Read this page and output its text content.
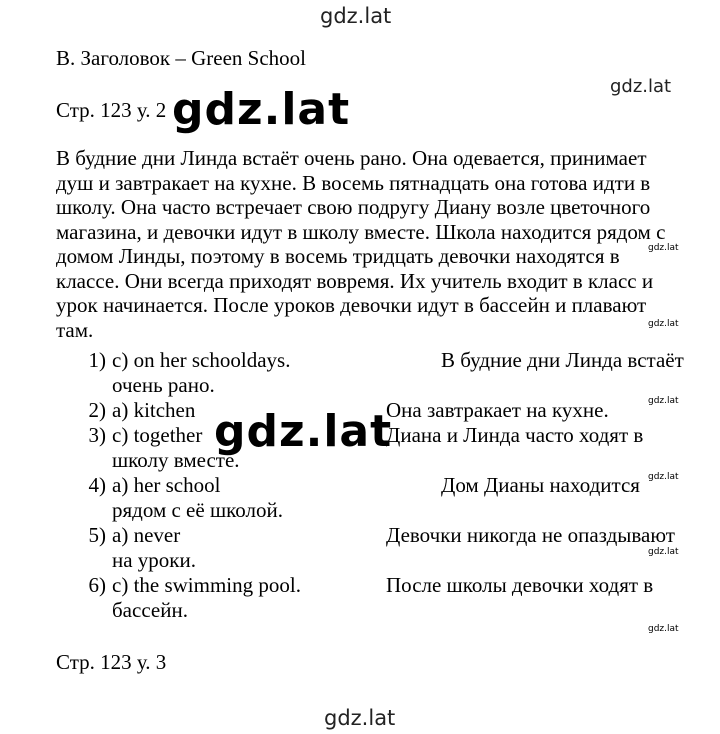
gdz.lat
gdz.lat
gdz.lat
gdz.lat
gdz.lat
gdz.lat
gdz.lat
gdz.lat
gdz.lat
gdz.lat
gdz.lat
В. Заголовок – Green School
Стр. 123 у. 2
В будние дни Линда встаёт очень рано. Она одевается, принимает
душ и завтракает на кухне. В восемь пятнадцать она готова идти в
школу. Она часто встречает свою подругу Диану возле цветочного
магазина, и девочки идут в школу вместе. Школа находится рядом с
домом Линды, поэтому в восемь тридцать девочки находятся в
классе. Они всегда приходят вовремя. Их учитель входит в класс и
урок начинается. После уроков девочки идут в бассейн и плавают
там.
1) c) on her schooldays.	В будние дни Линда встаёт
очень рано.
2) a) kitchen	Она завтракает на кухне.
3) c) together	Диана и Линда часто ходят в
школу вместе.
4) a) her school	Дом Дианы находится
рядом с её школой.
5) a) never	Девочки никогда не опаздывают
на уроки.
6) c) the swimming pool.	После школы девочки ходят в
бассейн.
Стр. 123 у. 3
